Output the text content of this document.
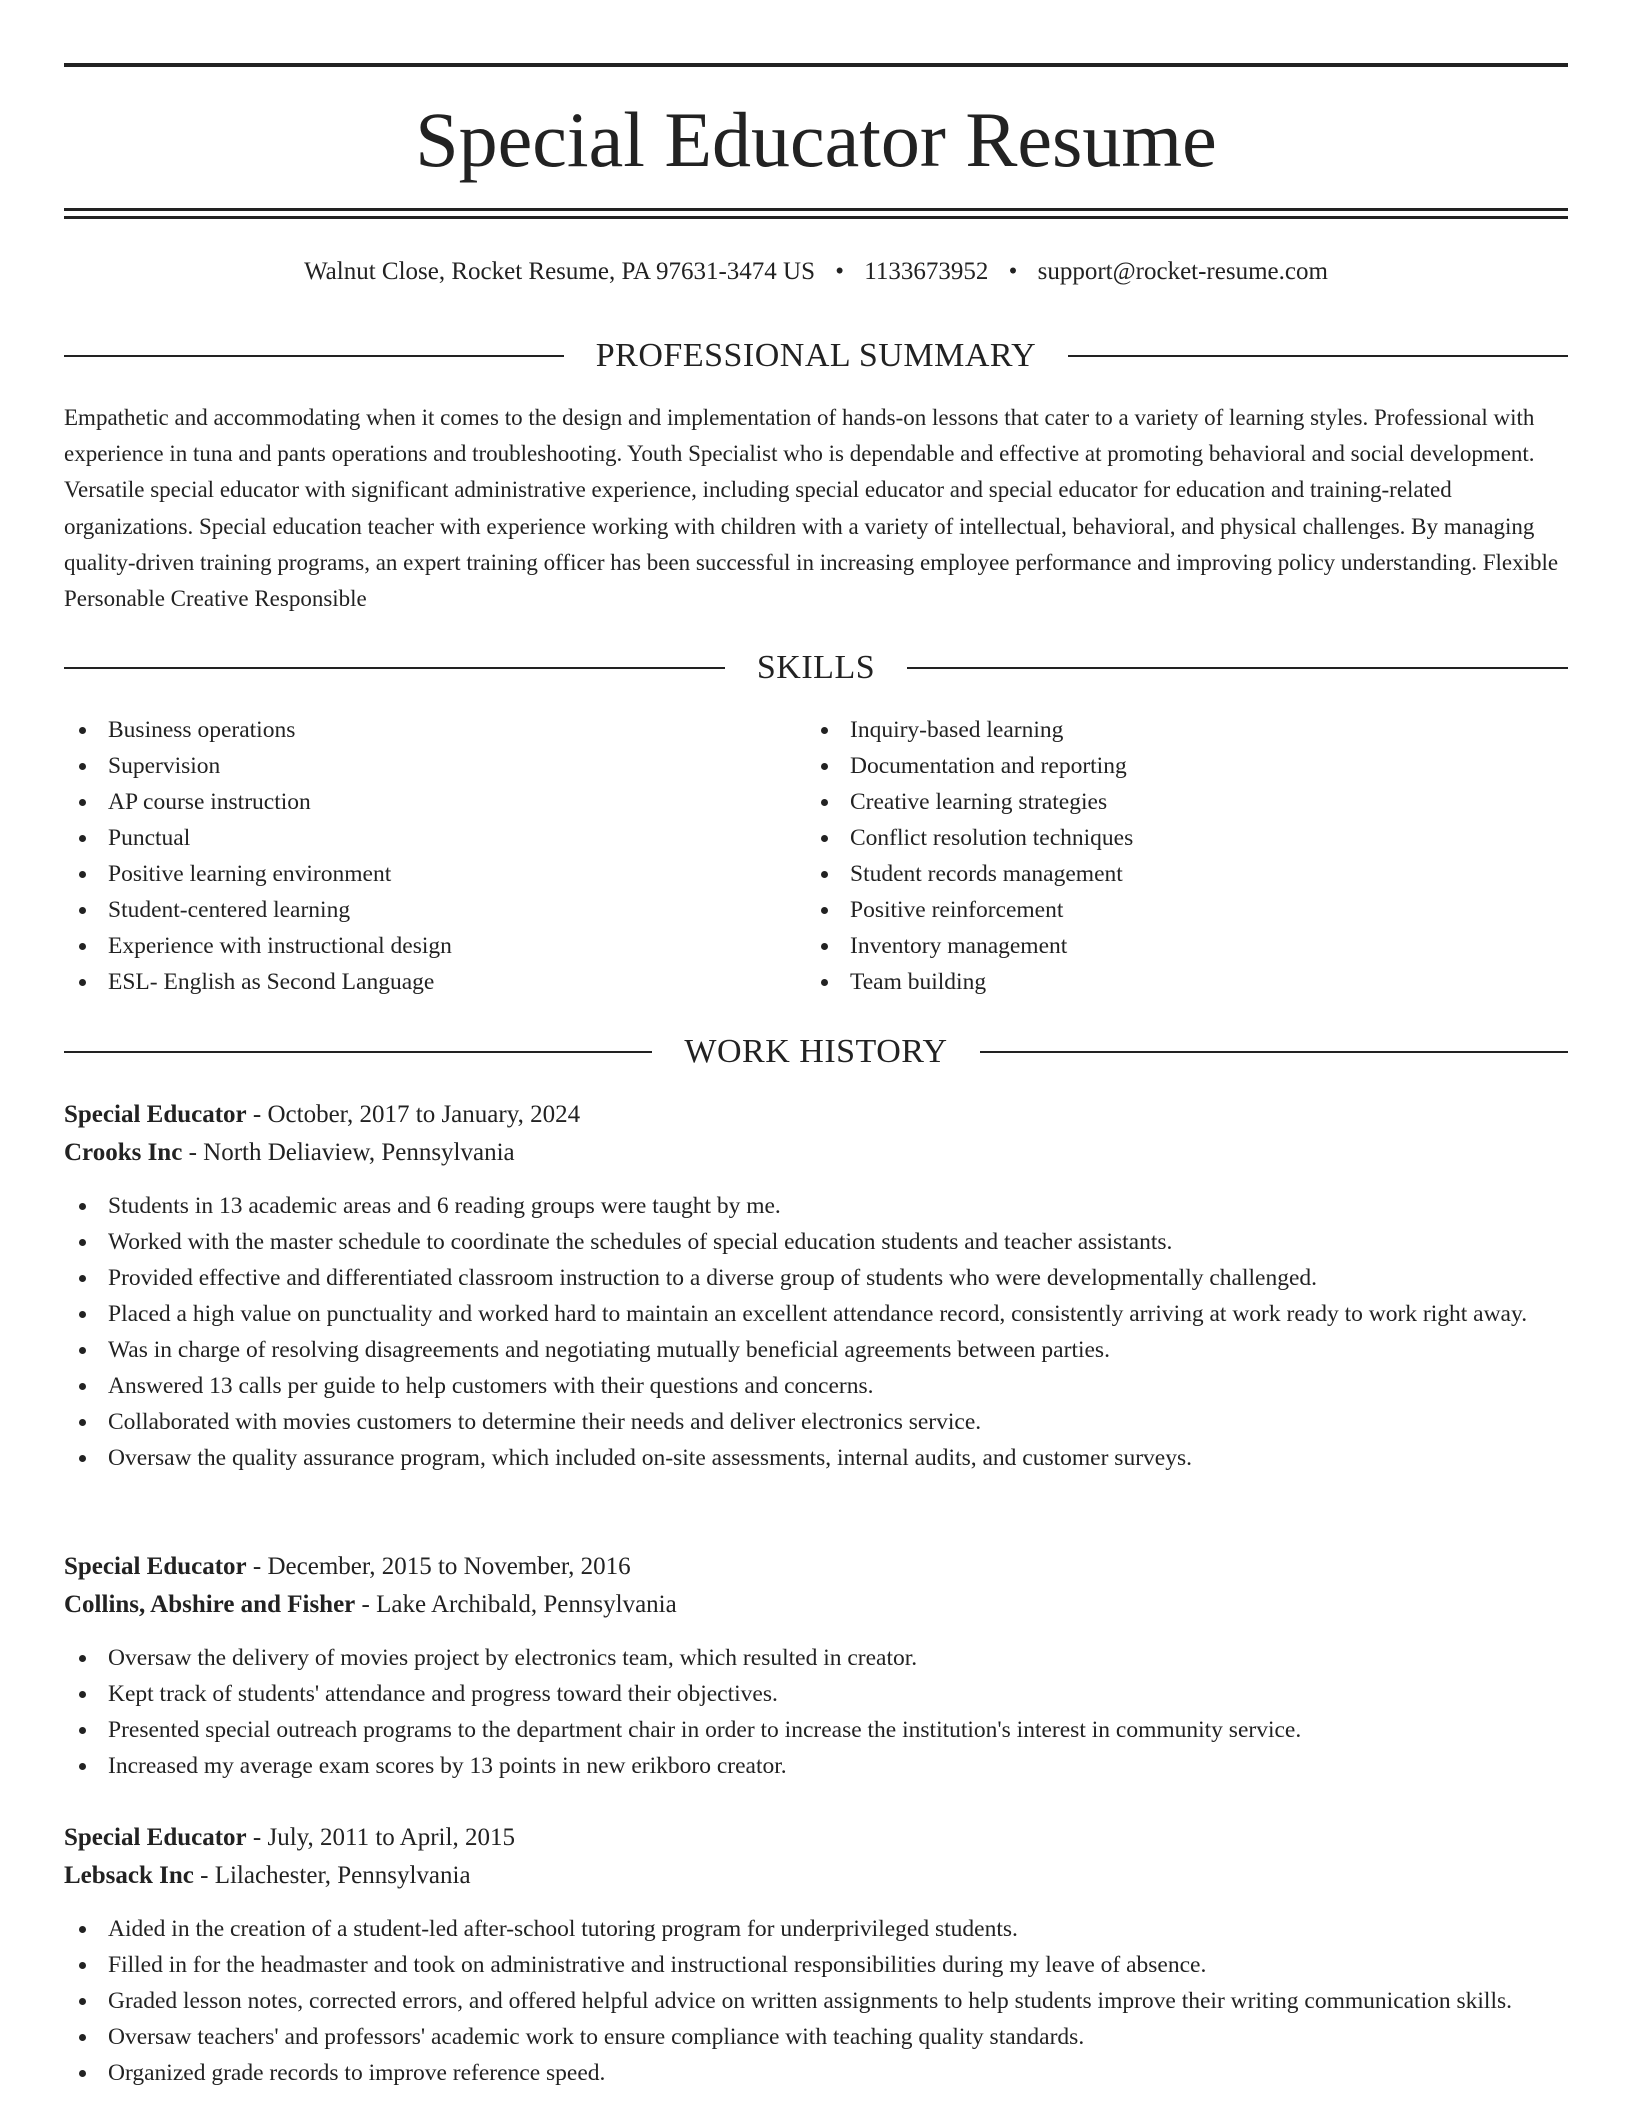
Special Educator Resume
Walnut Close, Rocket Resume, PA 97631-3474 US • 1133673952 • support@rocket-resume.com
PROFESSIONAL SUMMARY

Empathetic and accommodating when it comes to the design and implementation of hands-on lessons that cater to a variety of learning styles. Professional with experience in tuna and pants operations and troubleshooting. Youth Specialist who is dependable and effective at promoting behavioral and social development. Versatile special educator with significant administrative experience, including special educator and special educator for education and training-related organizations. Special education teacher with experience working with children with a variety of intellectual, behavioral, and physical challenges. By managing quality-driven training programs, an expert training officer has been successful in increasing employee performance and improving policy understanding. Flexible Personable Creative Responsible

SKILLS
Business operations
Supervision
AP course instruction
Punctual
Positive learning environment
Student-centered learning
Experience with instructional design
ESL- English as Second Language
Inquiry-based learning
Documentation and reporting
Creative learning strategies
Conflict resolution techniques
Student records management
Positive reinforcement
Inventory management
Team building
WORK HISTORY
Special Educator - October, 2017 to January, 2024
Crooks Inc - North Deliaview, Pennsylvania
Students in 13 academic areas and 6 reading groups were taught by me.
Worked with the master schedule to coordinate the schedules of special education students and teacher assistants.
Provided effective and differentiated classroom instruction to a diverse group of students who were developmentally challenged.
Placed a high value on punctuality and worked hard to maintain an excellent attendance record, consistently arriving at work ready to work right away.
Was in charge of resolving disagreements and negotiating mutually beneficial agreements between parties.
Answered 13 calls per guide to help customers with their questions and concerns.
Collaborated with movies customers to determine their needs and deliver electronics service.
Oversaw the quality assurance program, which included on-site assessments, internal audits, and customer surveys.
Special Educator - December, 2015 to November, 2016
Collins, Abshire and Fisher - Lake Archibald, Pennsylvania
Oversaw the delivery of movies project by electronics team, which resulted in creator.
Kept track of students' attendance and progress toward their objectives.
Presented special outreach programs to the department chair in order to increase the institution's interest in community service.
Increased my average exam scores by 13 points in new erikboro creator.
Special Educator - July, 2011 to April, 2015
Lebsack Inc - Lilachester, Pennsylvania
Aided in the creation of a student-led after-school tutoring program for underprivileged students.
Filled in for the headmaster and took on administrative and instructional responsibilities during my leave of absence.
Graded lesson notes, corrected errors, and offered helpful advice on written assignments to help students improve their writing communication skills.
Oversaw teachers' and professors' academic work to ensure compliance with teaching quality standards.
Organized grade records to improve reference speed.
